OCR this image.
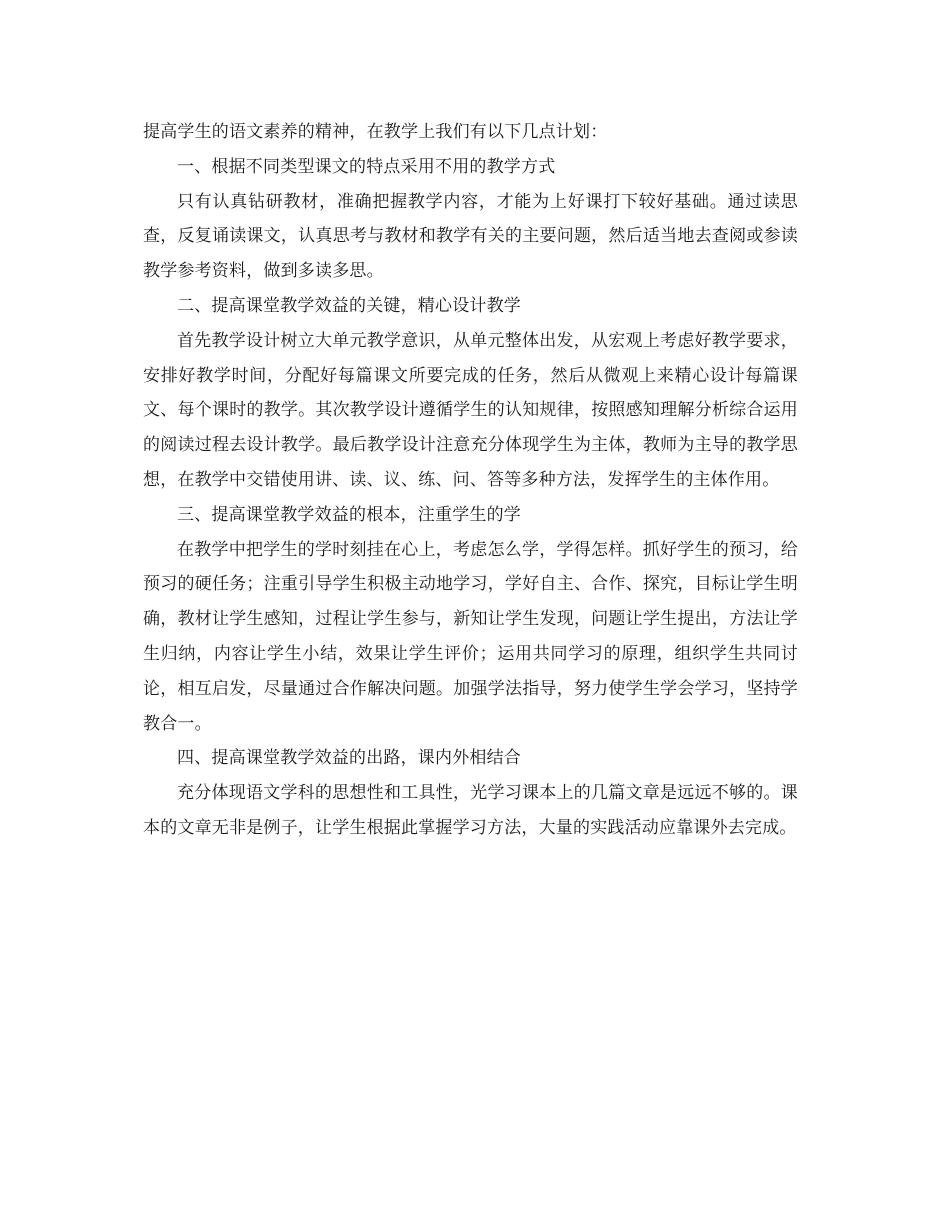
提高学生的语文素养的精神，在教学上我们有以下几点计划：

一、根据不同类型课文的特点采用不用的教学方式

只有认真钻研教材，准确把握教学内容，才能为上好课打下较好基础。通过读思查，反复诵读课文，认真思考与教材和教学有关的主要问题，然后适当地去查阅或参读教学参考资料，做到多读多思。

二、提高课堂教学效益的关键，精心设计教学

首先教学设计树立大单元教学意识，从单元整体出发，从宏观上考虑好教学要求，安排好教学时间，分配好每篇课文所要完成的任务，然后从微观上来精心设计每篇课文、每个课时的教学。其次教学设计遵循学生的认知规律，按照感知理解分析综合运用的阅读过程去设计教学。最后教学设计注意充分体现学生为主体，教师为主导的教学思想，在教学中交错使用讲、读、议、练、问、答等多种方法，发挥学生的主体作用。

三、提高课堂教学效益的根本，注重学生的学

在教学中把学生的学时刻挂在心上，考虑怎么学，学得怎样。抓好学生的预习，给预习的硬任务；注重引导学生积极主动地学习，学好自主、合作、探究，目标让学生明确，教材让学生感知，过程让学生参与，新知让学生发现，问题让学生提出，方法让学生归纳，内容让学生小结，效果让学生评价；运用共同学习的原理，组织学生共同讨论，相互启发，尽量通过合作解决问题。加强学法指导，努力使学生学会学习，坚持学教合一。

四、提高课堂教学效益的出路，课内外相结合

充分体现语文学科的思想性和工具性，光学习课本上的几篇文章是远远不够的。课本的文章无非是例子，让学生根据此掌握学习方法，大量的实践活动应靠课外去完成。
